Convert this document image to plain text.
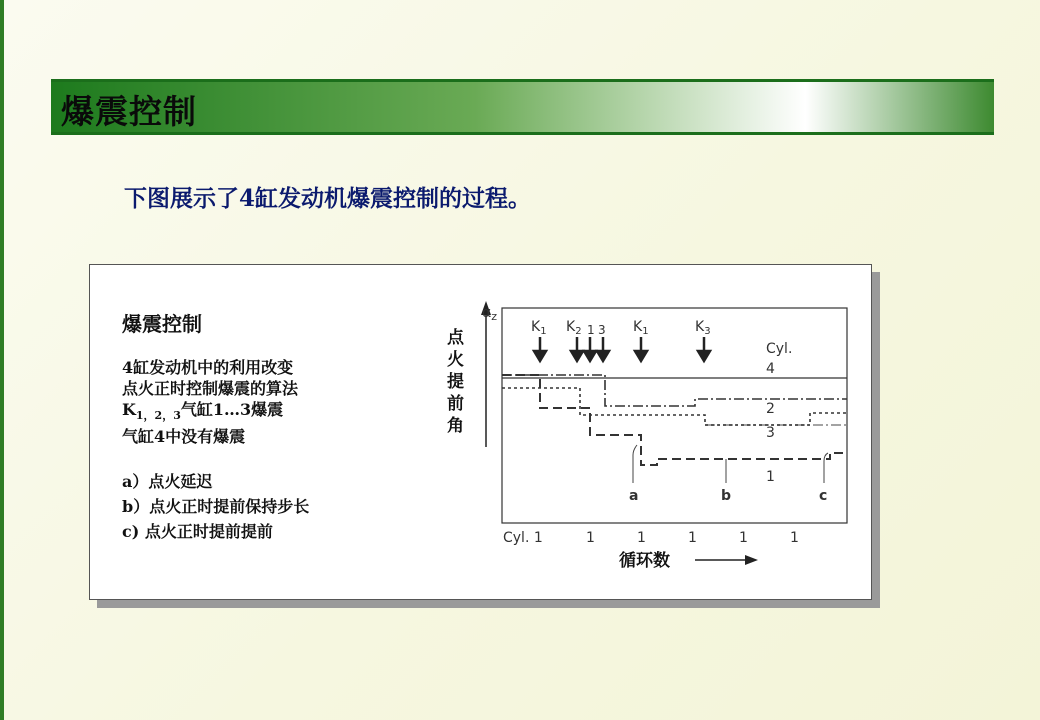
爆震控制
下图展示了4缸发动机爆震控制的过程。
爆震控制
4缸发动机中的利用改变
点火正时控制爆震的算法
$K_{1,2,3}$气缸1…3爆震
气缸4中没有爆震
a）点火延迟
b）点火正时提前保持步长
c) 点火正时提前提前
$\alpha_z$
点
火
提
前
角
$K_1$ $K_2$ 1 3 $K_1$	$K_3$
Cyl.
4
2
3
1
a	b	c
Cyl. 1	1	1	1	1	1
循环数
